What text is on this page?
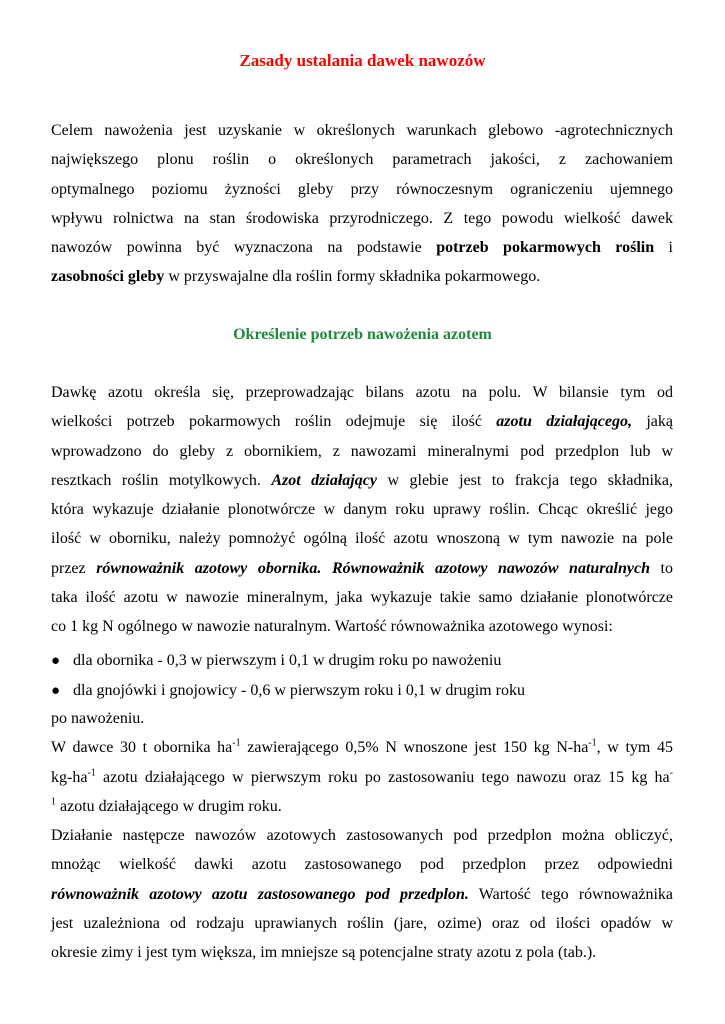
Zasady ustalania dawek nawozów
Celem nawożenia jest uzyskanie w określonych warunkach glebowo -agrotechnicznych
największego plonu roślin o określonych parametrach jakości, z zachowaniem
optymalnego poziomu żyzności gleby przy równoczesnym ograniczeniu ujemnego
wpływu rolnictwa na stan środowiska przyrodniczego. Z tego powodu wielkość dawek
nawozów powinna być wyznaczona na podstawie potrzeb pokarmowych roślin i
zasobności gleby w przyswajalne dla roślin formy składnika pokarmowego.
Określenie potrzeb nawożenia azotem
Dawkę azotu określa się, przeprowadzając bilans azotu na polu. W bilansie tym od
wielkości potrzeb pokarmowych roślin odejmuje się ilość azotu działającego, jaką
wprowadzono do gleby z obornikiem, z nawozami mineralnymi pod przedplon lub w
resztkach roślin motylkowych. Azot działający w glebie jest to frakcja tego składnika,
która wykazuje działanie plonotwórcze w danym roku uprawy roślin. Chcąc określić jego
ilość w oborniku, należy pomnożyć ogólną ilość azotu wnoszoną w tym nawozie na pole
przez równoważnik azotowy obornika. Równoważnik azotowy nawozów naturalnych to
taka ilość azotu w nawozie mineralnym, jaka wykazuje takie samo działanie plonotwórcze
co 1 kg N ogólnego w nawozie naturalnym. Wartość równoważnika azotowego wynosi:
● dla obornika - 0,3 w pierwszym i 0,1 w drugim roku po nawożeniu
● dla gnojówki i gnojowicy - 0,6 w pierwszym roku i 0,1 w drugim roku
po nawożeniu.
W dawce 30 t obornika $ha^{-1}$ zawierającego 0,5% N wnoszone jest 150 kg $N-ha^{-1}$, w tym 45
$kg-ha^{-1}$ azotu działającego w pierwszym roku po zastosowaniu tego nawozu oraz 15 kg ha-
$^1$ azotu działającego w drugim roku.
Działanie następcze nawozów azotowych zastosowanych pod przedplon można obliczyć,
mnożąc wielkość dawki azotu zastosowanego pod przedplon przez odpowiedni
równoważnik azotowy azotu zastosowanego pod przedplon. Wartość tego równoważnika
jest uzależniona od rodzaju uprawianych roślin (jare, ozime) oraz od ilości opadów w
okresie zimy i jest tym większa, im mniejsze są potencjalne straty azotu z pola (tab.).
